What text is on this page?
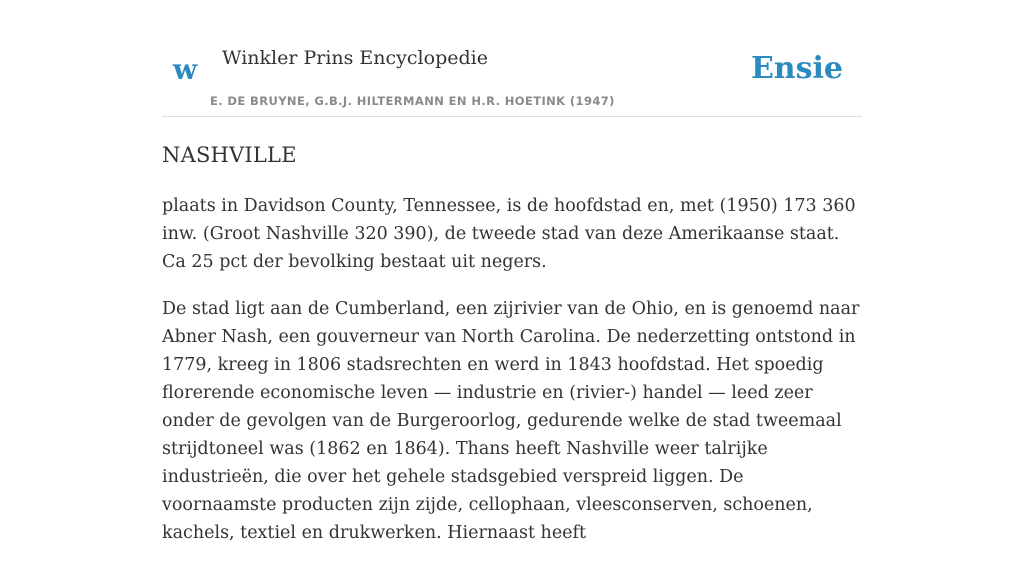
w Winkler Prins Encyclopedie
E. DE BRUYNE, G.B.J. HILTERMANN EN H.R. HOETINK (1947)
Ensie
NASHVILLE

plaats in Davidson County, Tennessee, is de hoofdstad en, met (1950) 173 360 inw. (Groot Nashville 320 390), de tweede stad van deze Amerikaanse staat. Ca 25 pct der bevolking bestaat uit negers.

De stad ligt aan de Cumberland, een zijrivier van de Ohio, en is genoemd naar Abner Nash, een gouverneur van North Carolina. De nederzetting ontstond in 1779, kreeg in 1806 stadsrechten en werd in 1843 hoofdstad. Het spoedig florerende economische leven — industrie en (rivier-) handel — leed zeer onder de gevolgen van de Burgeroorlog, gedurende welke de stad tweemaal strijdtoneel was (1862 en 1864). Thans heeft Nashville weer talrijke industrieën, die over het gehele stadsgebied verspreid liggen. De voornaamste producten zijn zijde, cellophaan, vleesconserven, schoenen, kachels, textiel en drukwerken. Hiernaast heeft
